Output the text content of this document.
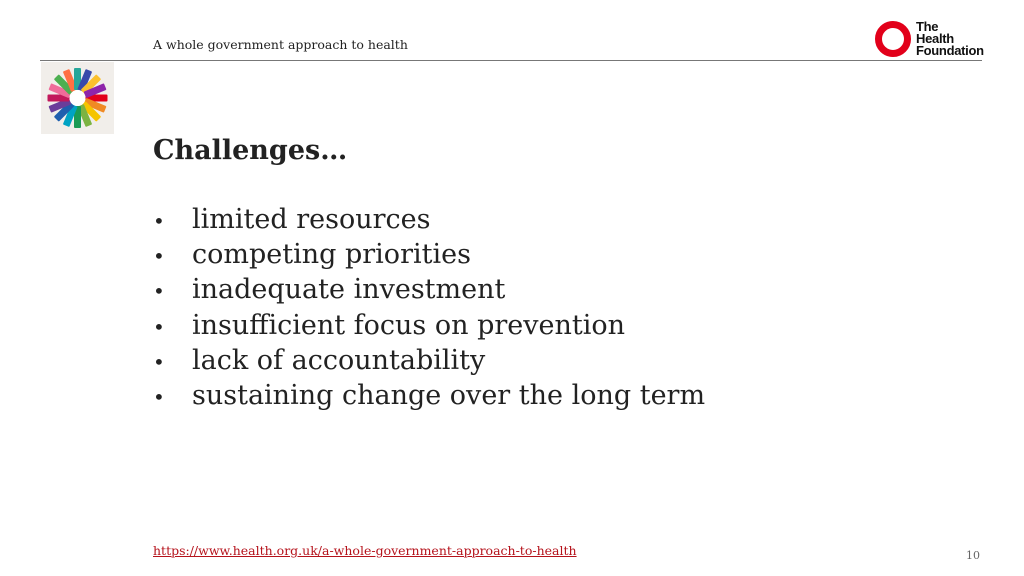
A whole government approach to health
The
Health
Foundation
Challenges…
•	limited resources
•	competing priorities
•	inadequate investment
•	insufficient focus on prevention
•	lack of accountability
•	sustaining change over the long term
https://www.health.org.uk/a-whole-government-approach-to-health	10
